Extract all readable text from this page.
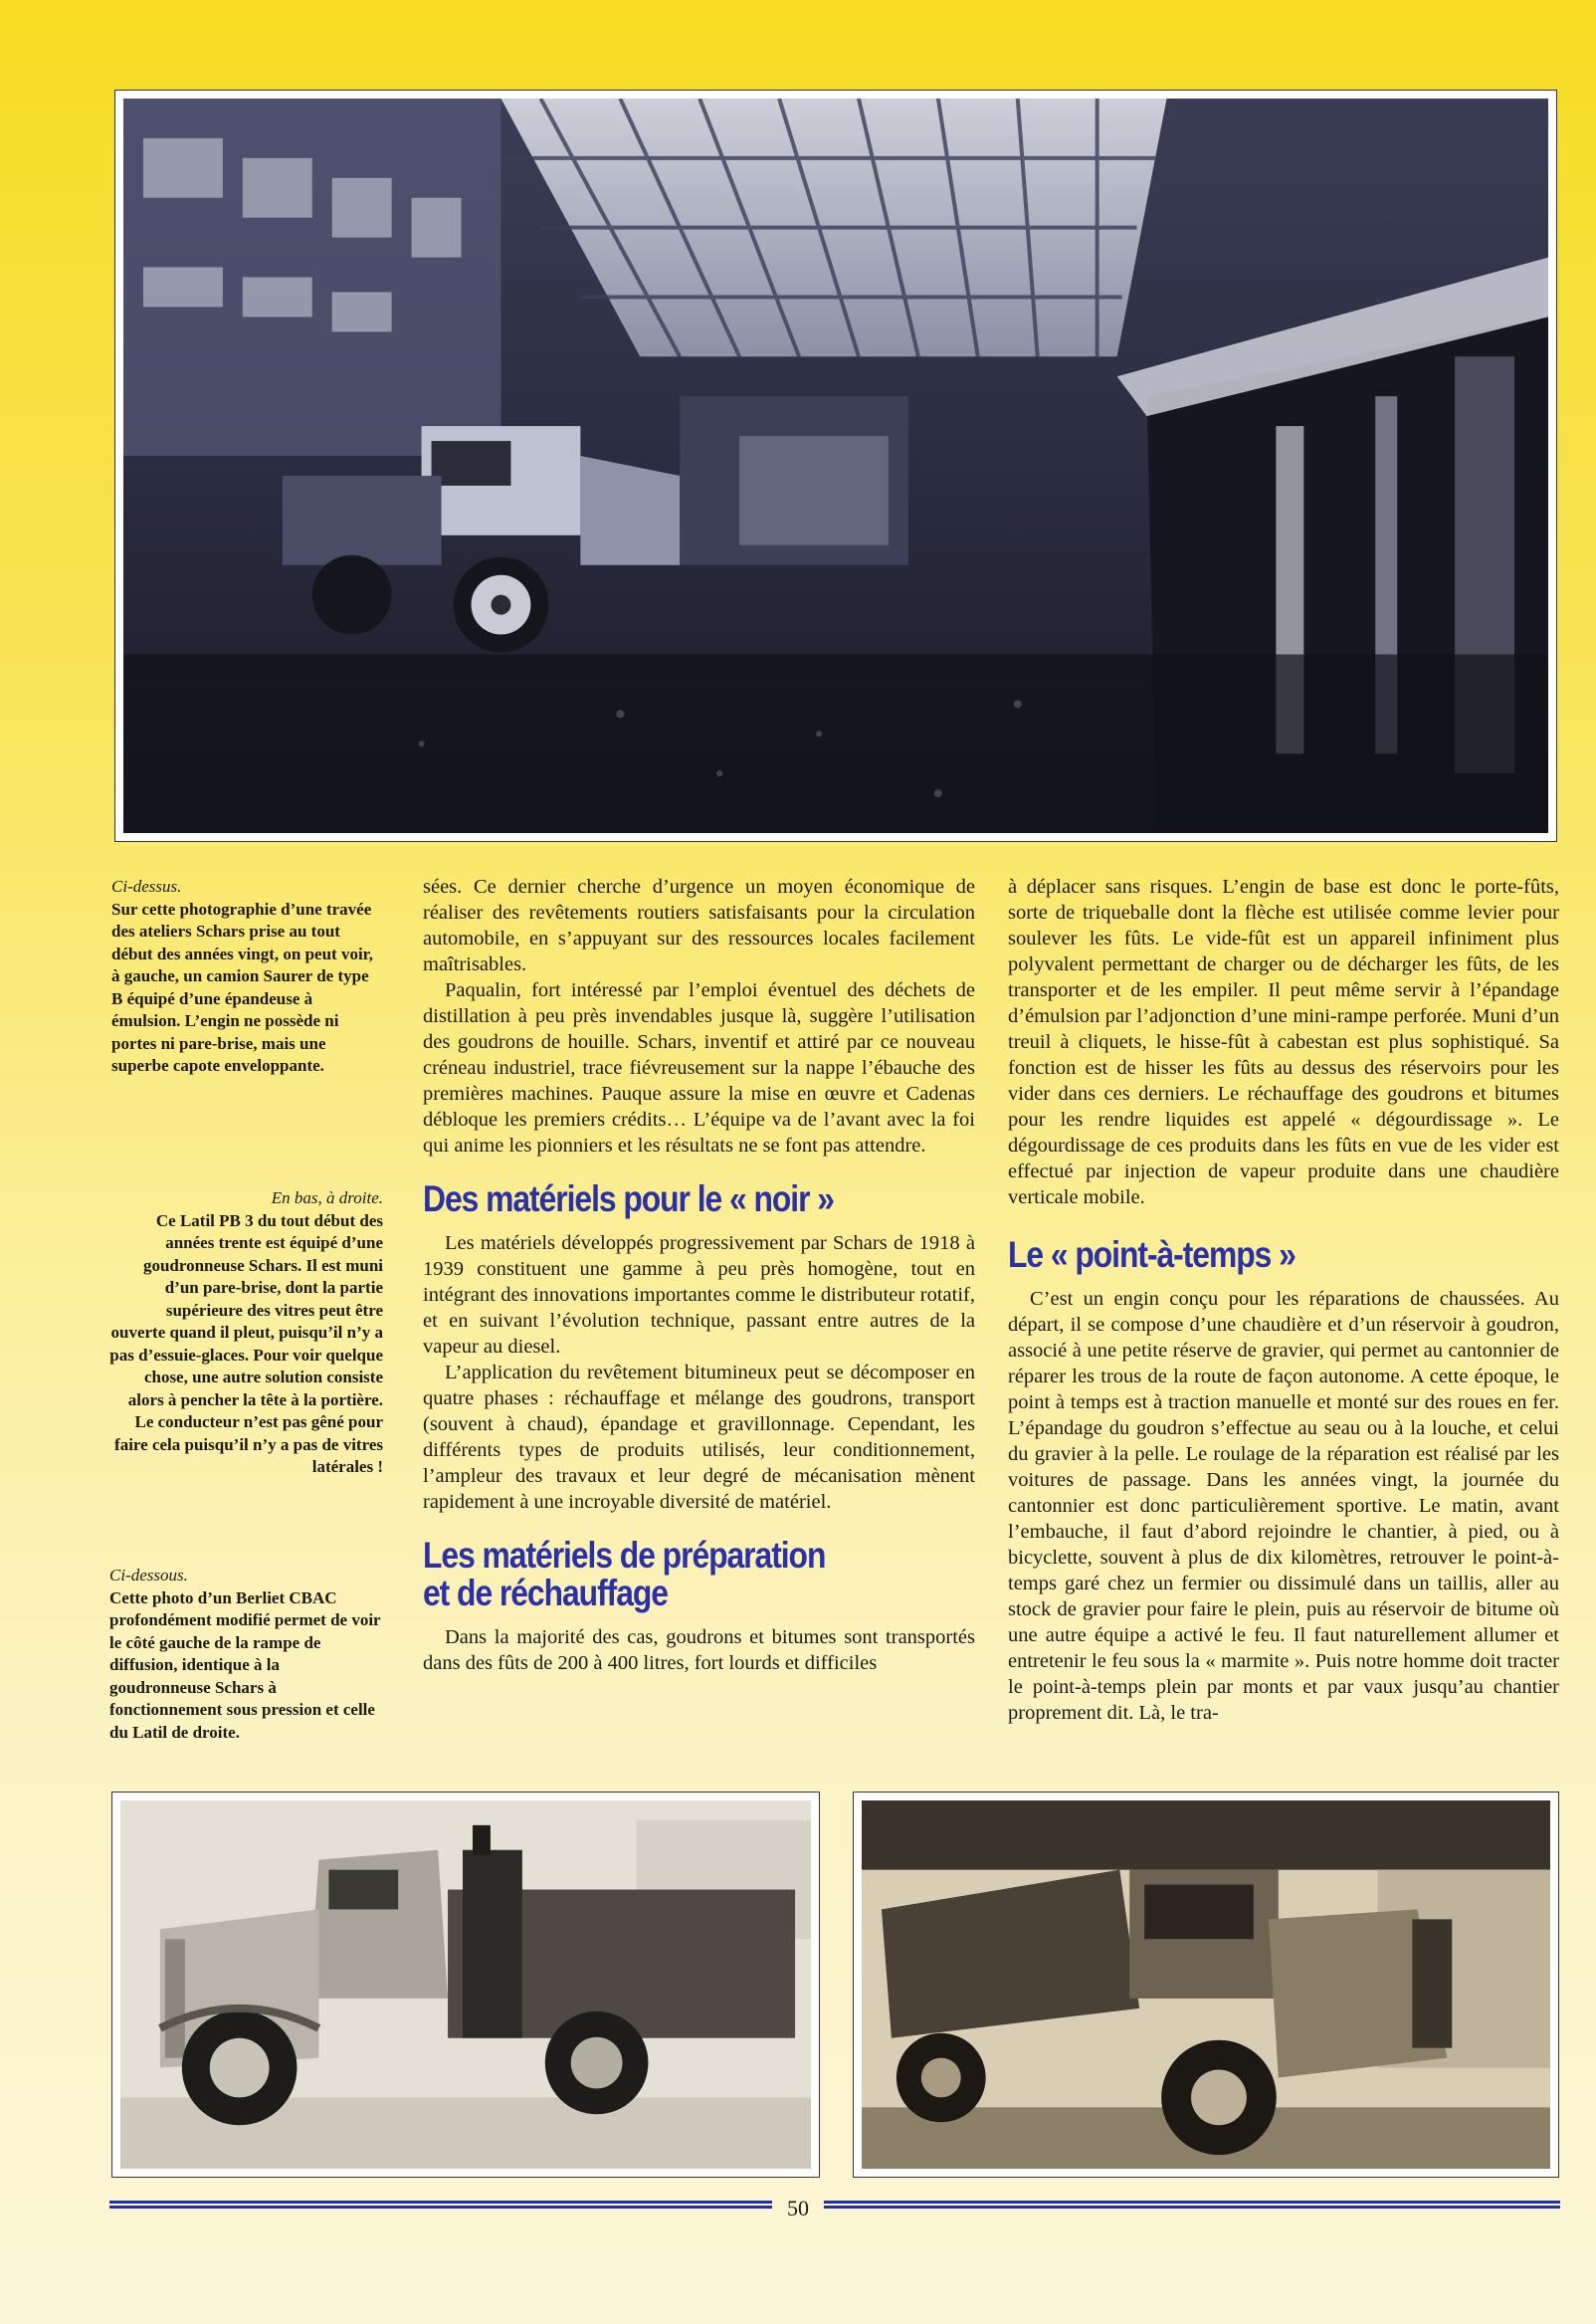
Ci-dessus.
Sur cette photographie d’une travée des ateliers Schars prise au tout début des années vingt, on peut voir, à gauche, un camion Saurer de type B équipé d’une épandeuse à émulsion. L’engin ne possède ni portes ni pare-brise, mais une superbe capote enveloppante.
En bas, à droite.
Ce Latil PB 3 du tout début des années trente est équipé d’une goudronneuse Schars. Il est muni d’un pare-brise, dont la partie supérieure des vitres peut être ouverte quand il pleut, puisqu’il n’y a pas d’essuie-glaces. Pour voir quelque chose, une autre solution consiste alors à pencher la tête à la portière. Le conducteur n’est pas gêné pour faire cela puisqu’il n’y a pas de vitres latérales !
Ci-dessous.
Cette photo d’un Berliet CBAC profondément modifié permet de voir le côté gauche de la rampe de diffusion, identique à la goudronneuse Schars à fonctionnement sous pression et celle du Latil de droite.

sées. Ce dernier cherche d’urgence un moyen économique de réaliser des revêtements routiers satisfaisants pour la circulation automobile, en s’appuyant sur des ressources locales facilement maîtrisables.

Paqualin, fort intéressé par l’emploi éventuel des déchets de distillation à peu près invendables jusque là, suggère l’utilisation des goudrons de houille. Schars, inventif et attiré par ce nouveau créneau industriel, trace fiévreusement sur la nappe l’ébauche des premières machines. Pauque assure la mise en œuvre et Cadenas débloque les premiers crédits… L’équipe va de l’avant avec la foi qui anime les pionniers et les résultats ne se font pas attendre.

Des matériels pour le « noir »

Les matériels développés progressivement par Schars de 1918 à 1939 constituent une gamme à peu près homogène, tout en intégrant des innovations importantes comme le distributeur rotatif, et en suivant l’évolution technique, passant entre autres de la vapeur au diesel.

L’application du revêtement bitumineux peut se décomposer en quatre phases : réchauffage et mélange des goudrons, transport (souvent à chaud), épandage et gravillonnage. Cependant, les différents types de produits utilisés, leur conditionnement, l’ampleur des travaux et leur degré de mécanisation mènent rapidement à une incroyable diversité de matériel.

Les matériels de préparation
et de réchauffage

Dans la majorité des cas, goudrons et bitumes sont transportés dans des fûts de 200 à 400 litres, fort lourds et difficiles

à déplacer sans risques. L’engin de base est donc le porte-fûts, sorte de triqueballe dont la flèche est utilisée comme levier pour soulever les fûts. Le vide-fût est un appareil infiniment plus polyvalent permettant de charger ou de décharger les fûts, de les transporter et de les empiler. Il peut même servir à l’épandage d’émulsion par l’adjonction d’une mini-rampe perforée. Muni d’un treuil à cliquets, le hisse-fût à cabestan est plus sophistiqué. Sa fonction est de hisser les fûts au dessus des réservoirs pour les vider dans ces derniers. Le réchauffage des goudrons et bitumes pour les rendre liquides est appelé « dégourdissage ». Le dégourdissage de ces produits dans les fûts en vue de les vider est effectué par injection de vapeur produite dans une chaudière verticale mobile.

Le « point-à-temps »

C’est un engin conçu pour les réparations de chaussées. Au départ, il se compose d’une chaudière et d’un réservoir à goudron, associé à une petite réserve de gravier, qui permet au cantonnier de réparer les trous de la route de façon autonome. A cette époque, le point à temps est à traction manuelle et monté sur des roues en fer. L’épandage du goudron s’effectue au seau ou à la louche, et celui du gravier à la pelle. Le roulage de la réparation est réalisé par les voitures de passage. Dans les années vingt, la journée du cantonnier est donc particulièrement sportive. Le matin, avant l’embauche, il faut d’abord rejoindre le chantier, à pied, ou à bicyclette, souvent à plus de dix kilomètres, retrouver le point-à-temps garé chez un fermier ou dissimulé dans un taillis, aller au stock de gravier pour faire le plein, puis au réservoir de bitume où une autre équipe a activé le feu. Il faut naturellement allumer et entretenir le feu sous la « marmite ». Puis notre homme doit tracter le point-à-temps plein par monts et par vaux jusqu’au chantier proprement dit. Là, le tra-

50
